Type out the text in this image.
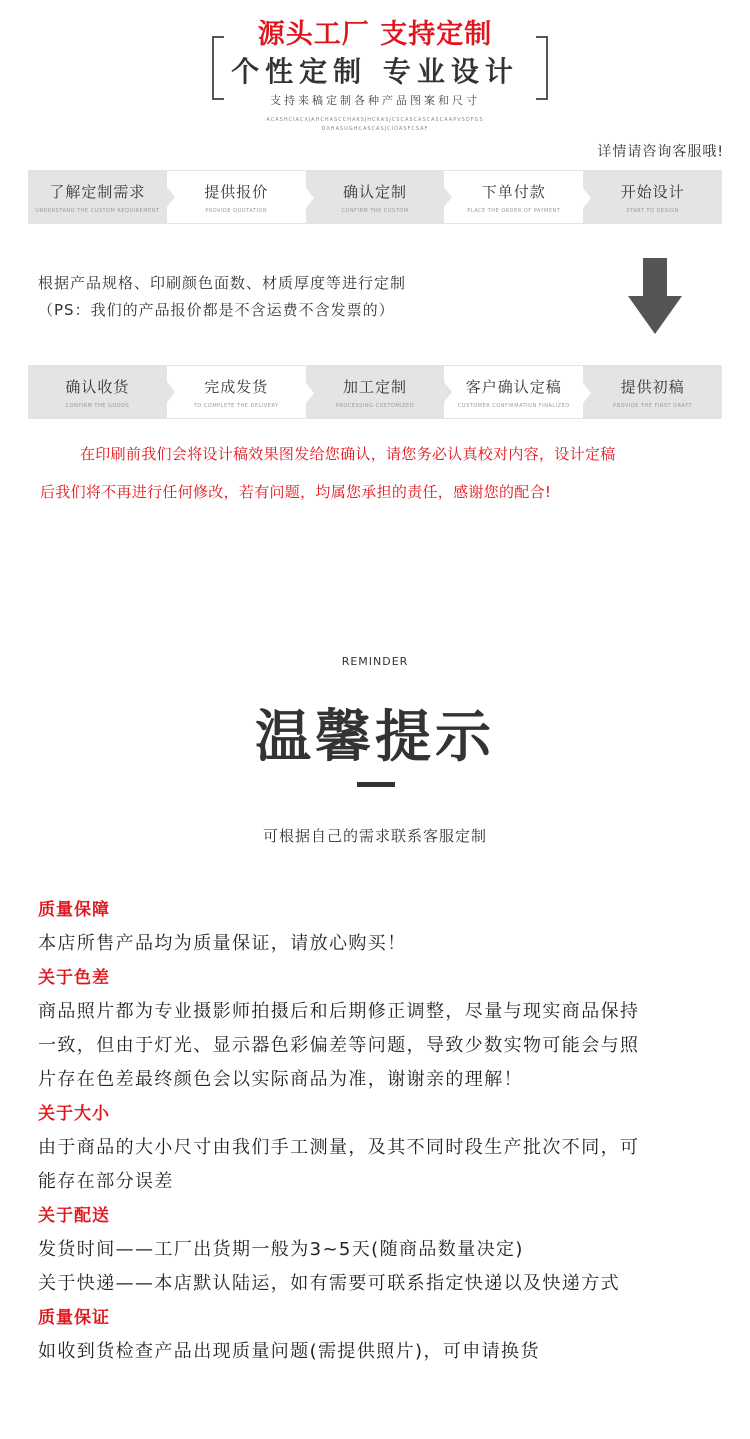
源头工厂 支持定制
个性定制 专业设计
支持来稿定制各种产品图案和尺寸
ACASHCIACXJAHCHASCCHAKSJHCKASJCSCASCASCASCAAPVSDFGS
DXHASUGHCASCASJCIOASFCSAF
详情请咨询客服哦!
了解定制需求
UNDERSTAND THE CUSTOM REQUIREMENT
提供报价
PROVIDE QUOTATION
确认定制
CONFIRM THE CUSTOM
下单付款
PLACE THE ORDER OF PAYMENT
开始设计
START TO DESIGN
根据产品规格、印刷颜色面数、材质厚度等进行定制
（PS：我们的产品报价都是不含运费不含发票的）
确认收货
CONFIRM THE GOODS
完成发货
TO COMPLETE THE DELIVERY
加工定制
PROCESSING CUSTOMIZED
客户确认定稿
CUSTOMER CONFIRMATION FINALIZED
提供初稿
PROVIDE THE FIRST DRAFT
在印刷前我们会将设计稿效果图发给您确认，请您务必认真校对内容，设计定稿
后我们将不再进行任何修改，若有问题，均属您承担的责任，感谢您的配合!
REMINDER
温馨提示
可根据自己的需求联系客服定制
质量保障
本店所售产品均为质量保证，请放心购买！
关于色差
商品照片都为专业摄影师拍摄后和后期修正调整，尽量与现实商品保持
一致，但由于灯光、显示器色彩偏差等问题，导致少数实物可能会与照
片存在色差最终颜色会以实际商品为准，谢谢亲的理解！
关于大小
由于商品的大小尺寸由我们手工测量，及其不同时段生产批次不同，可
能存在部分误差
关于配送
发货时间——工厂出货期一般为3~5天(随商品数量决定)
关于快递——本店默认陆运，如有需要可联系指定快递以及快递方式
质量保证
如收到货检查产品出现质量问题(需提供照片)，可申请换货
